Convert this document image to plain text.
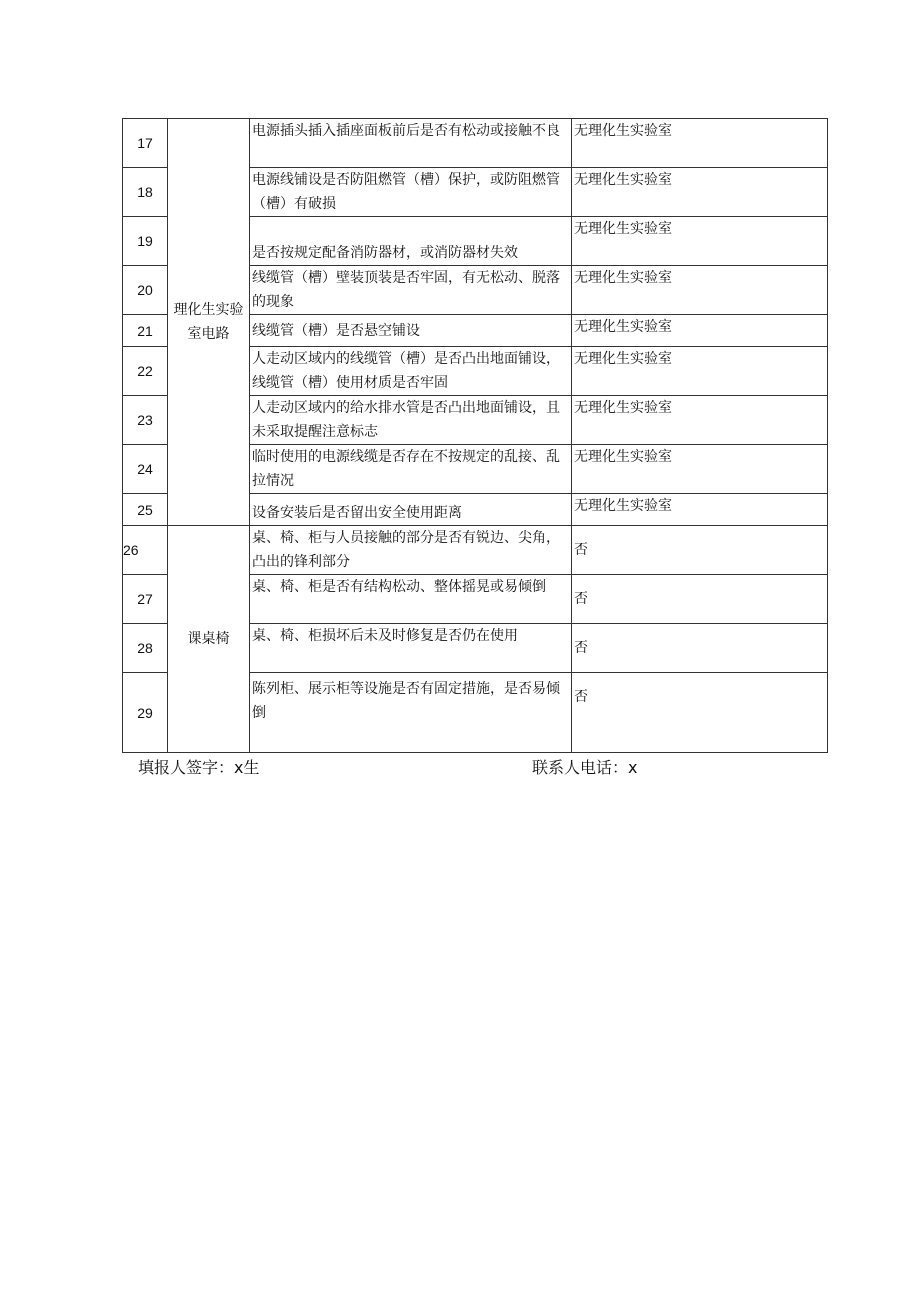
17	理化生实验室电路	电源插头插入插座面板前后是否有松动或接触不良	无理化生实验室
18		电源线铺设是否防阻燃管（槽）保护，或防阻燃管（槽）有破损	无理化生实验室
19		是否按规定配备消防器材，或消防器材失效	无理化生实验室
20		线缆管（槽）壁装顶装是否牢固，有无松动、脱落的现象	无理化生实验室
21		线缆管（槽）是否悬空铺设	无理化生实验室
22		人走动区域内的线缆管（槽）是否凸出地面铺设，线缆管（槽）使用材质是否牢固	无理化生实验室
23		人走动区域内的给水排水管是否凸出地面铺设，且未采取提醒注意标志	无理化生实验室
24		临时使用的电源线缆是否存在不按规定的乱接、乱拉情况	无理化生实验室
25		设备安装后是否留出安全使用距离	无理化生实验室
26	课桌椅	桌、椅、柜与人员接触的部分是否有锐边、尖角，凸出的锋利部分	否
27		桌、椅、柜是否有结构松动、整体摇晃或易倾倒	否
28		桌、椅、柜损坏后未及时修复是否仍在使用	否
29		陈列柜、展示柜等设施是否有固定措施，是否易倾倒	否
填报人签字：x生	联系人电话：x
